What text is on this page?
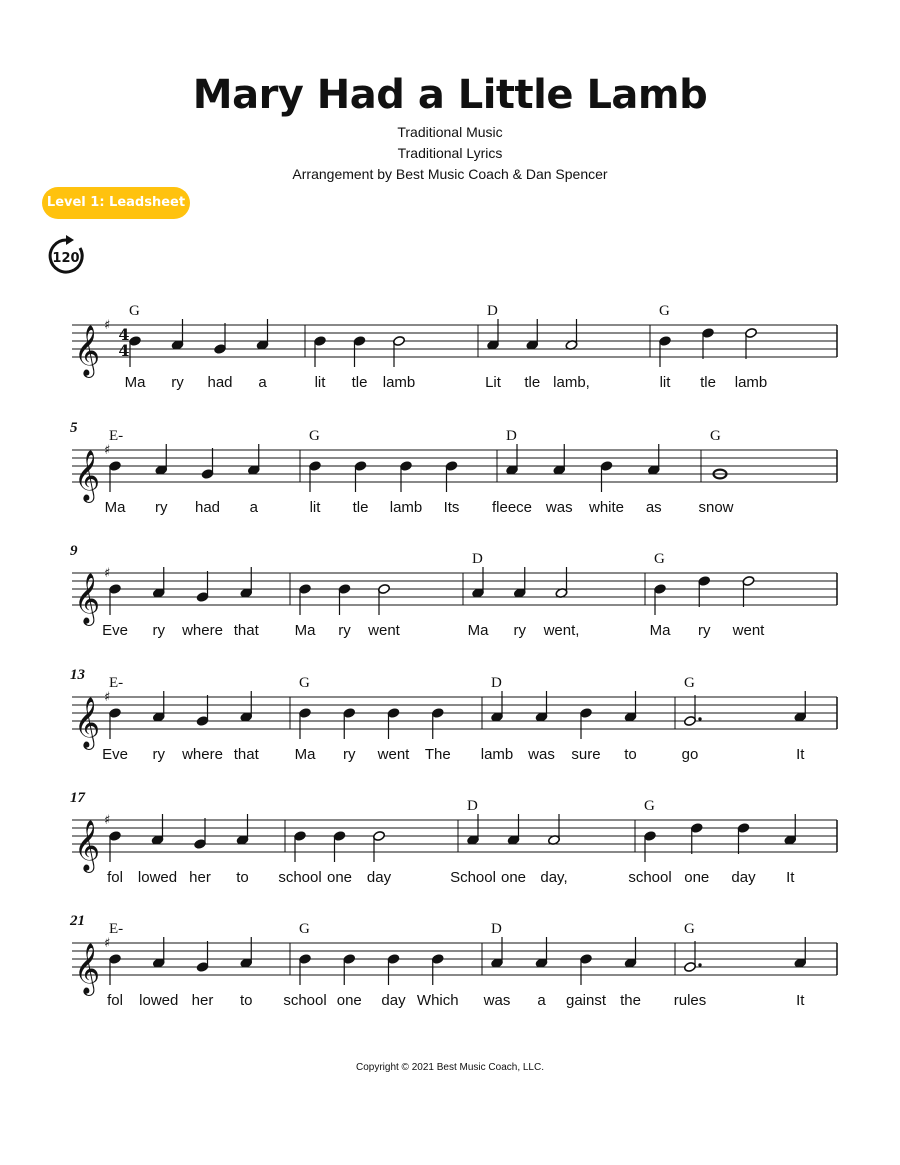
Mary Had a Little Lamb
Traditional Music
Traditional Lyrics
Arrangement by Best Music Coach & Dan Spencer
Level 1: Leadsheet
120
𝄞 ♯ 4
4
G
Ma ry had a	lit tle lamb
D
Lit tle lamb,
G
lit tle lamb
𝄞 ♯
5 E-
Ma ry had a
G
lit tle lamb Its
D
fleece was white as
G
snow
𝄞 ♯
9
Eve ry where that Ma ry went
D
Ma ry went,
G
Ma ry went
𝄞 ♯
13 E-
Eve ry where that
G
Ma ry went The
D
lamb was sure to
G
go	It
𝄞 ♯
17
fol lowed her to school one day
D
School one day,
G
school one day It
𝄞 ♯
21 E-
fol lowed her to
G
school one day Which
D
was a gainst the
G
rules	It
Copyright © 2021 Best Music Coach, LLC.
